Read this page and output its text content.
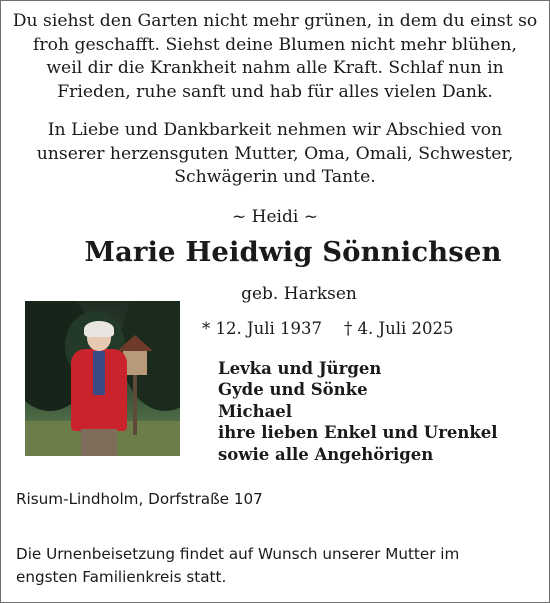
Du siehst den Garten nicht mehr grünen, in dem du einst so
froh geschafft. Siehst deine Blumen nicht mehr blühen,
weil dir die Krankheit nahm alle Kraft. Schlaf nun in
Frieden, ruhe sanft und hab für alles vielen Dank.
In Liebe und Dankbarkeit nehmen wir Abschied von
unserer herzensguten Mutter, Oma, Omali, Schwester,
Schwägerin und Tante.
~ Heidi ~
Marie Heidwig Sönnichsen
geb. Harksen
* 12. Juli 1937 † 4. Juli 2025
Levka und Jürgen
Gyde und Sönke
Michael
ihre lieben Enkel und Urenkel
sowie alle Angehörigen
Risum-Lindholm, Dorfstraße 107
Die Urnenbeisetzung findet auf Wunsch unserer Mutter im
engsten Familienkreis statt.
